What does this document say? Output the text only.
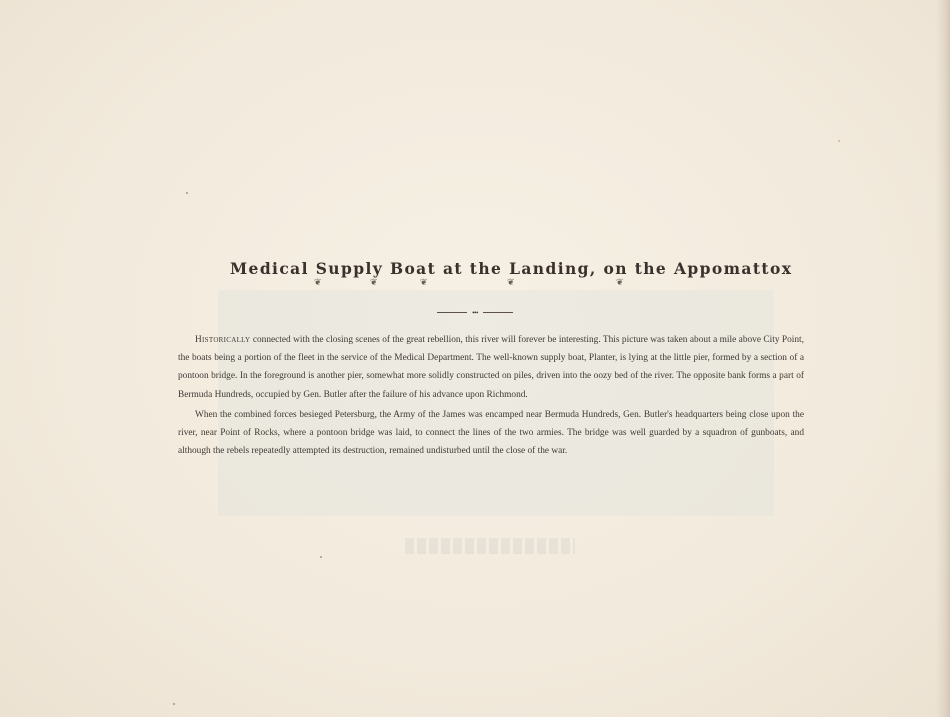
Medical Supply Boat at the Landing, on the Appomattox
❦	❦	❦	❦	❦
•••

Historically connected with the closing scenes of the great rebellion, this river will forever be interesting. This picture was taken about a mile above City Point, the boats being a portion of the fleet in the service of the Medical Department. The well-known supply boat, Planter, is lying at the little pier, formed by a section of a pontoon bridge. In the foreground is another pier, somewhat more solidly constructed on piles, driven into the oozy bed of the river. The opposite bank forms a part of Bermuda Hundreds, occupied by Gen. Butler after the failure of his advance upon Richmond.

When the combined forces besieged Petersburg, the Army of the James was encamped near Bermuda Hundreds, Gen. Butler's headquarters being close upon the river, near Point of Rocks, where a pontoon bridge was laid, to connect the lines of the two armies. The bridge was well guarded by a squadron of gunboats, and although the rebels repeatedly attempted its destruction, remained undisturbed until the close of the war.
